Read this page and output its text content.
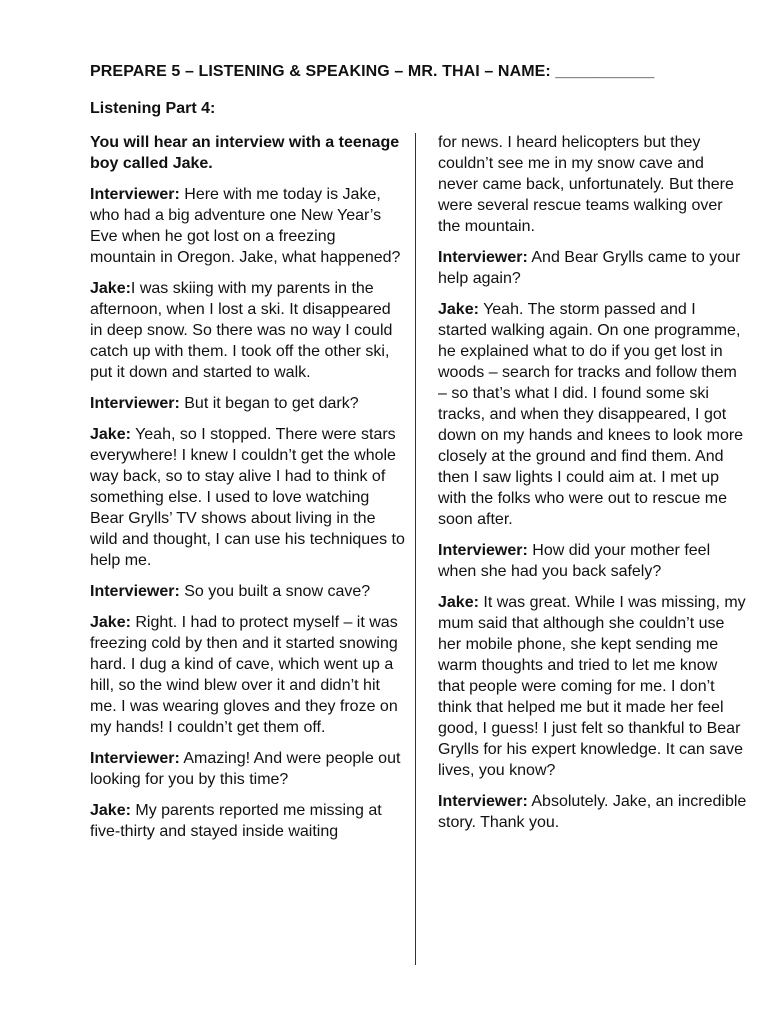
PREPARE 5 – LISTENING & SPEAKING – MR. THAI – NAME: ___________
Listening Part 4:

You will hear an interview with a teenage boy called Jake.

Interviewer: Here with me today is Jake, who had a big adventure one New Year’s Eve when he got lost on a freezing mountain in Oregon. Jake, what happened?

Jake:I was skiing with my parents in the afternoon, when I lost a ski. It disappeared in deep snow. So there was no way I could catch up with them. I took off the other ski, put it down and started to walk.

Interviewer: But it began to get dark?

Jake: Yeah, so I stopped. There were stars everywhere! I knew I couldn’t get the whole way back, so to stay alive I had to think of something else. I used to love watching Bear Grylls’ TV shows about living in the wild and thought, I can use his techniques to help me.

Interviewer: So you built a snow cave?

Jake: Right. I had to protect myself – it was freezing cold by then and it started snowing hard. I dug a kind of cave, which went up a hill, so the wind blew over it and didn’t hit me. I was wearing gloves and they froze on my hands! I couldn’t get them off.

Interviewer: Amazing! And were people out looking for you by this time?

Jake: My parents reported me missing at five-thirty and stayed inside waiting

for news. I heard helicopters but they couldn’t see me in my snow cave and never came back, unfortunately. But there were several rescue teams walking over the mountain.

Interviewer: And Bear Grylls came to your help again?

Jake: Yeah. The storm passed and I started walking again. On one programme, he explained what to do if you get lost in woods – search for tracks and follow them – so that’s what I did. I found some ski tracks, and when they disappeared, I got down on my hands and knees to look more closely at the ground and find them. And then I saw lights I could aim at. I met up with the folks who were out to rescue me soon after.

Interviewer: How did your mother feel when she had you back safely?

Jake: It was great. While I was missing, my mum said that although she couldn’t use her mobile phone, she kept sending me warm thoughts and tried to let me know that people were coming for me. I don’t think that helped me but it made her feel good, I guess! I just felt so thankful to Bear Grylls for his expert knowledge. It can save lives, you know?

Interviewer: Absolutely. Jake, an incredible story. Thank you.
